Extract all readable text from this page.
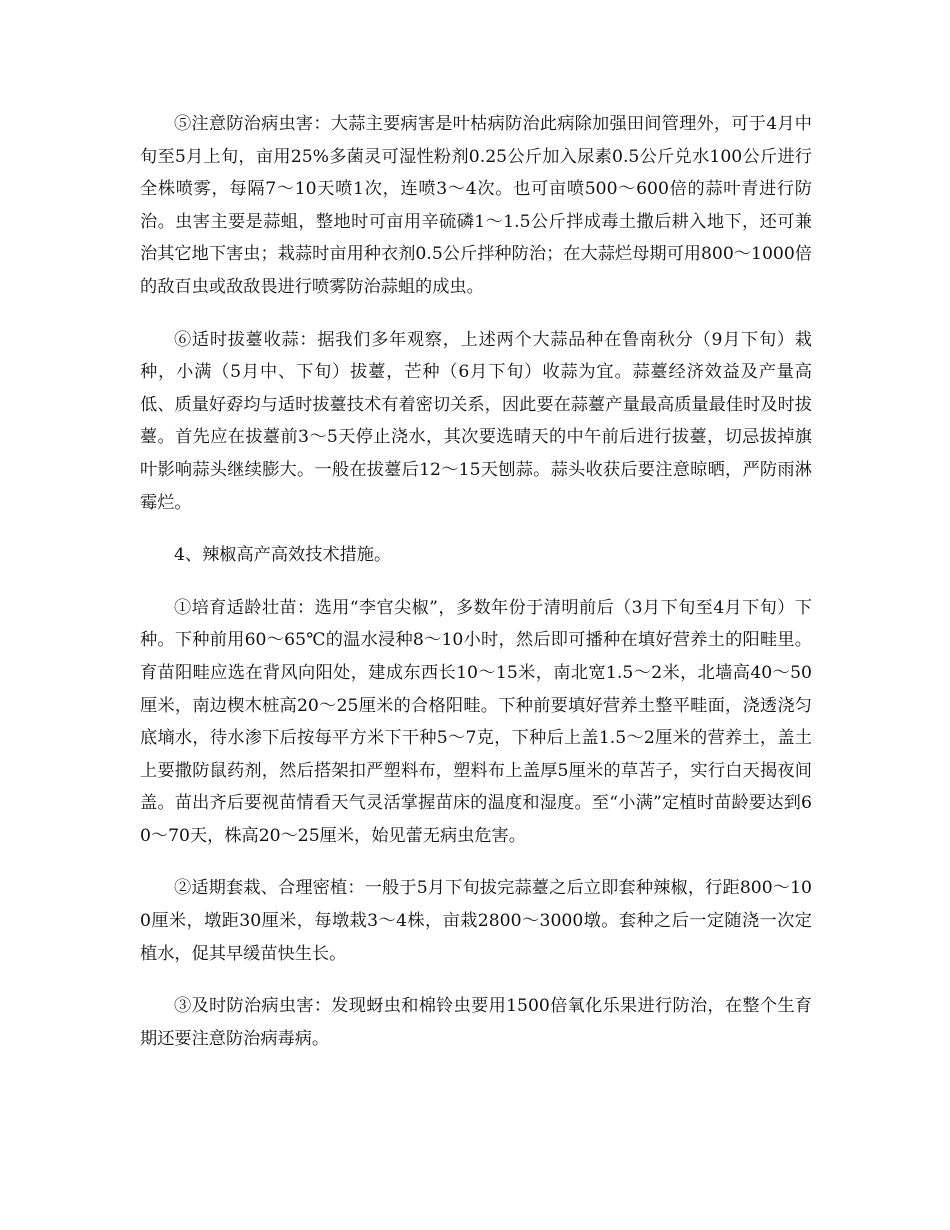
⑤注意防治病虫害：大蒜主要病害是叶枯病防治此病除加强田间管理外，可于4月中旬至5月上旬，亩用25%多菌灵可湿性粉剂0.25公斤加入尿素0.5公斤兑水100公斤进行全株喷雾，每隔7～10天喷1次，连喷3～4次。也可亩喷500～600倍的蒜叶青进行防治。虫害主要是蒜蛆，整地时可亩用辛硫磷1～1.5公斤拌成毒土撒后耕入地下，还可兼治其它地下害虫；栽蒜时亩用种衣剂0.5公斤拌种防治；在大蒜烂母期可用800～1000倍的敌百虫或敌敌畏进行喷雾防治蒜蛆的成虫。

⑥适时拔薹收蒜：据我们多年观察，上述两个大蒜品种在鲁南秋分（9月下旬）栽种，小满（5月中、下旬）拔薹，芒种（6月下旬）收蒜为宜。蒜薹经济效益及产量高低、质量好孬均与适时拔薹技术有着密切关系，因此要在蒜薹产量最高质量最佳时及时拔薹。首先应在拔薹前3～5天停止浇水，其次要选晴天的中午前后进行拔薹，切忌拔掉旗叶影响蒜头继续膨大。一般在拔薹后12～15天刨蒜。蒜头收获后要注意晾晒，严防雨淋霉烂。

4、辣椒高产高效技术措施。

①培育适龄壮苗：选用“李官尖椒”，多数年份于清明前后（3月下旬至4月下旬）下种。下种前用60～65℃的温水浸种8～10小时，然后即可播种在填好营养土的阳畦里。育苗阳畦应选在背风向阳处，建成东西长10～15米，南北宽1.5～2米，北墙高40～50厘米，南边楔木桩高20～25厘米的合格阳畦。下种前要填好营养土整平畦面，浇透浇匀底墒水，待水渗下后按每平方米下干种5～7克，下种后上盖1.5～2厘米的营养土，盖土上要撒防鼠药剂，然后搭架扣严塑料布，塑料布上盖厚5厘米的草苫子，实行白天揭夜间盖。苗出齐后要视苗情看天气灵活掌握苗床的温度和湿度。至“小满”定植时苗龄要达到60～70天，株高20～25厘米，始见蕾无病虫危害。

②适期套栽、合理密植：一般于5月下旬拔完蒜薹之后立即套种辣椒，行距800～100厘米，墩距30厘米，每墩栽3～4株，亩栽2800～3000墩。套种之后一定随浇一次定植水，促其早缓苗快生长。

③及时防治病虫害：发现蚜虫和棉铃虫要用1500倍氧化乐果进行防治，在整个生育期还要注意防治病毒病。
